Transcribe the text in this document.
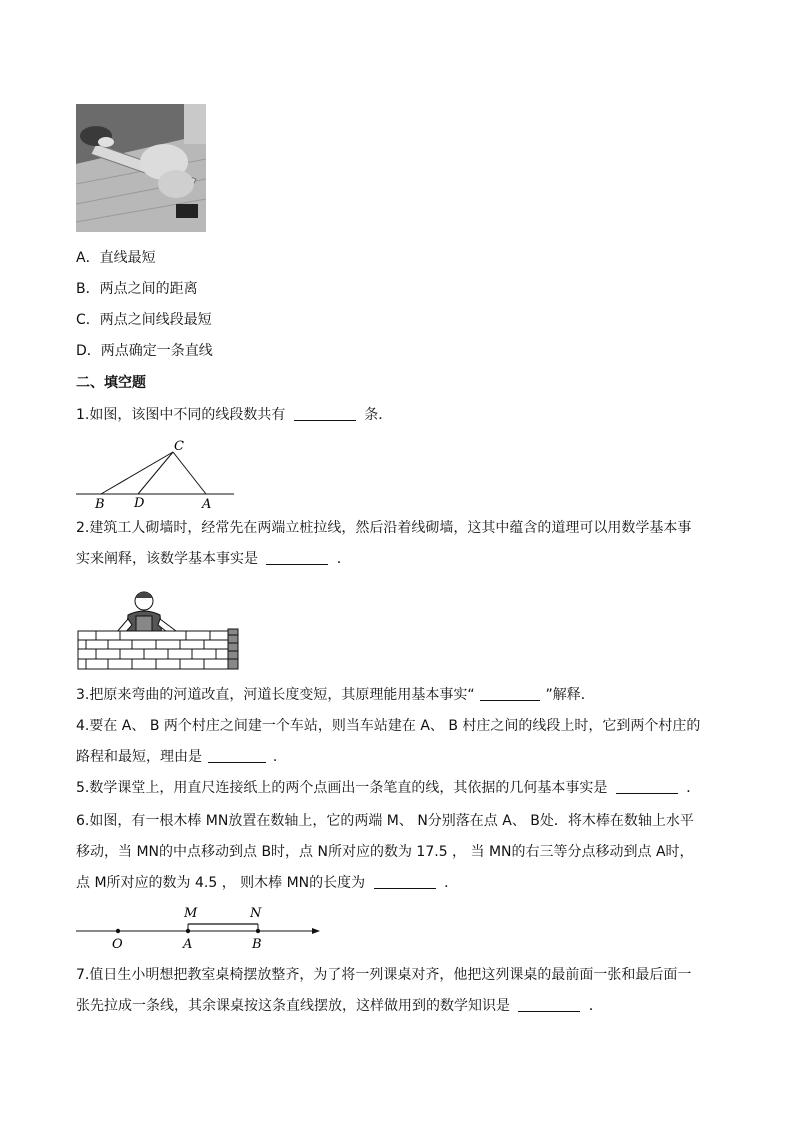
A．直线最短
B．两点之间的距离
C．两点之间线段最短
D．两点确定一条直线
二、填空题
1.如图，该图中不同的线段数共有	条．
C
B D	A
2.建筑工人砌墙时，经常先在两端立桩拉线，然后沿着线砌墙，这其中蕴含的道理可以用数学基本事
实来阐释，该数学基本事实是	．
3.把原来弯曲的河道改直，河道长度变短，其原理能用基本事实“	”解释．
4.要在 A、 B 两个村庄之间建一个车站，则当车站建在 A、 B 村庄之间的线段上时，它到两个村庄的
路程和最短，理由是	.
5.数学课堂上，用直尺连接纸上的两个点画出一条笔直的线，其依据的几何基本事实是	．
6.如图，有一根木棒 MN放置在数轴上，它的两端 M、 N分别落在点 A、 B处．将木棒在数轴上水平
移动，当 MN的中点移动到点 B时，点 N所对应的数为 17.5 ， 当 MN的右三等分点移动到点 A时，
点 M所对应的数为 4.5 ， 则木棒 MN的长度为	．
M	N
O	A	B
7.值日生小明想把教室桌椅摆放整齐，为了将一列课桌对齐，他把这列课桌的最前面一张和最后面一
张先拉成一条线，其余课桌按这条直线摆放，这样做用到的数学知识是	．
